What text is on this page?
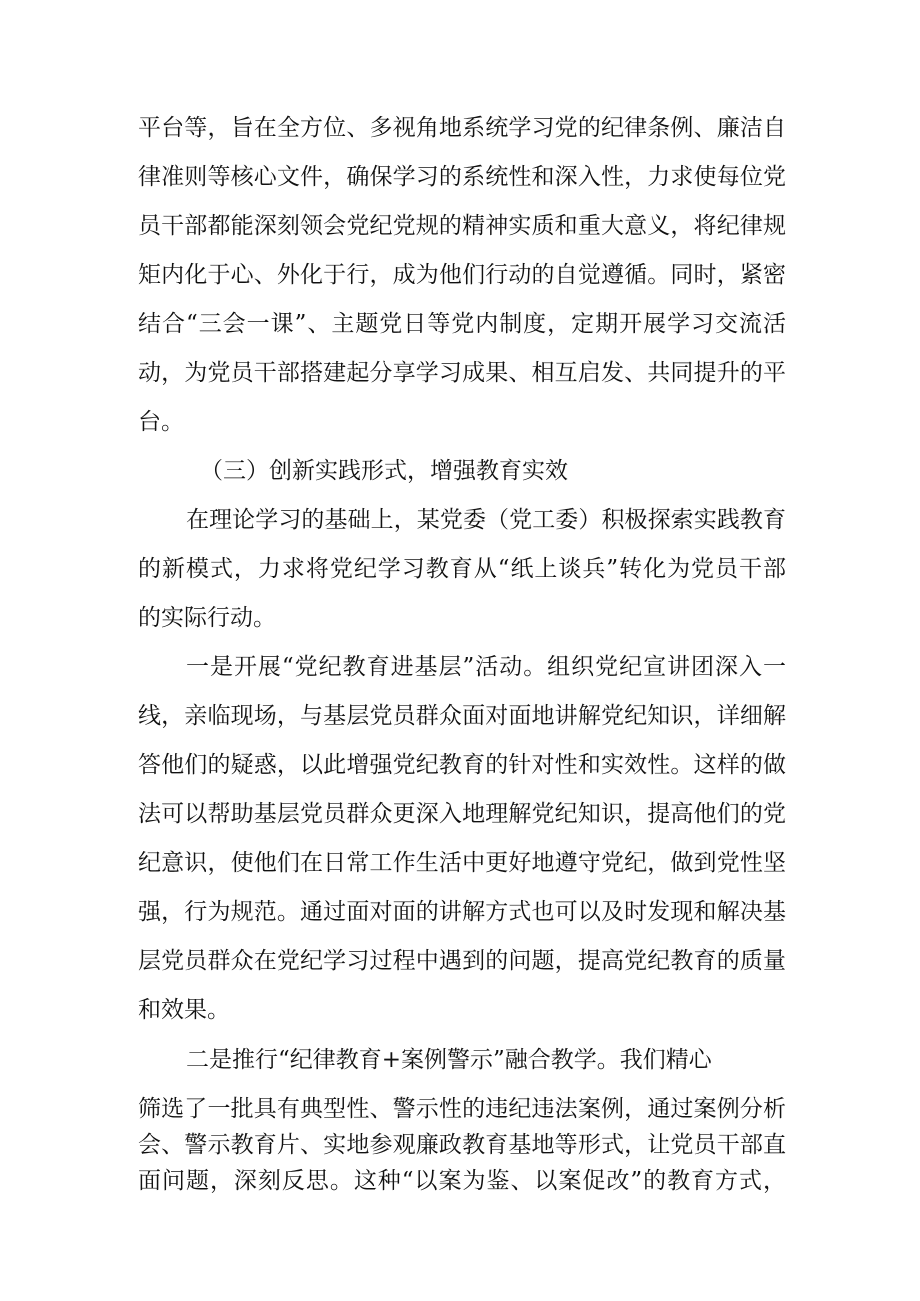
平台等，旨在全方位、多视角地系统学习党的纪律条例、廉洁自
律准则等核心文件，确保学习的系统性和深入性，力求使每位党
员干部都能深刻领会党纪党规的精神实质和重大意义，将纪律规
矩内化于心、外化于行，成为他们行动的自觉遵循。同时，紧密
结合“三会一课”、主题党日等党内制度，定期开展学习交流活
动，为党员干部搭建起分享学习成果、相互启发、共同提升的平
台。
（三）创新实践形式，增强教育实效
在理论学习的基础上，某党委（党工委）积极探索实践教育
的新模式，力求将党纪学习教育从“纸上谈兵”转化为党员干部
的实际行动。
一是开展“党纪教育进基层”活动。组织党纪宣讲团深入一
线，亲临现场，与基层党员群众面对面地讲解党纪知识，详细解
答他们的疑惑，以此增强党纪教育的针对性和实效性。这样的做
法可以帮助基层党员群众更深入地理解党纪知识，提高他们的党
纪意识，使他们在日常工作生活中更好地遵守党纪，做到党性坚
强，行为规范。通过面对面的讲解方式也可以及时发现和解决基
层党员群众在党纪学习过程中遇到的问题，提高党纪教育的质量
和效果。
二是推行“纪律教育+案例警示”融合教学。我们精心
筛选了一批具有典型性、警示性的违纪违法案例，通过案例分析
会、警示教育片、实地参观廉政教育基地等形式，让党员干部直
面问题，深刻反思。这种“以案为鉴、以案促改”的教育方式，
